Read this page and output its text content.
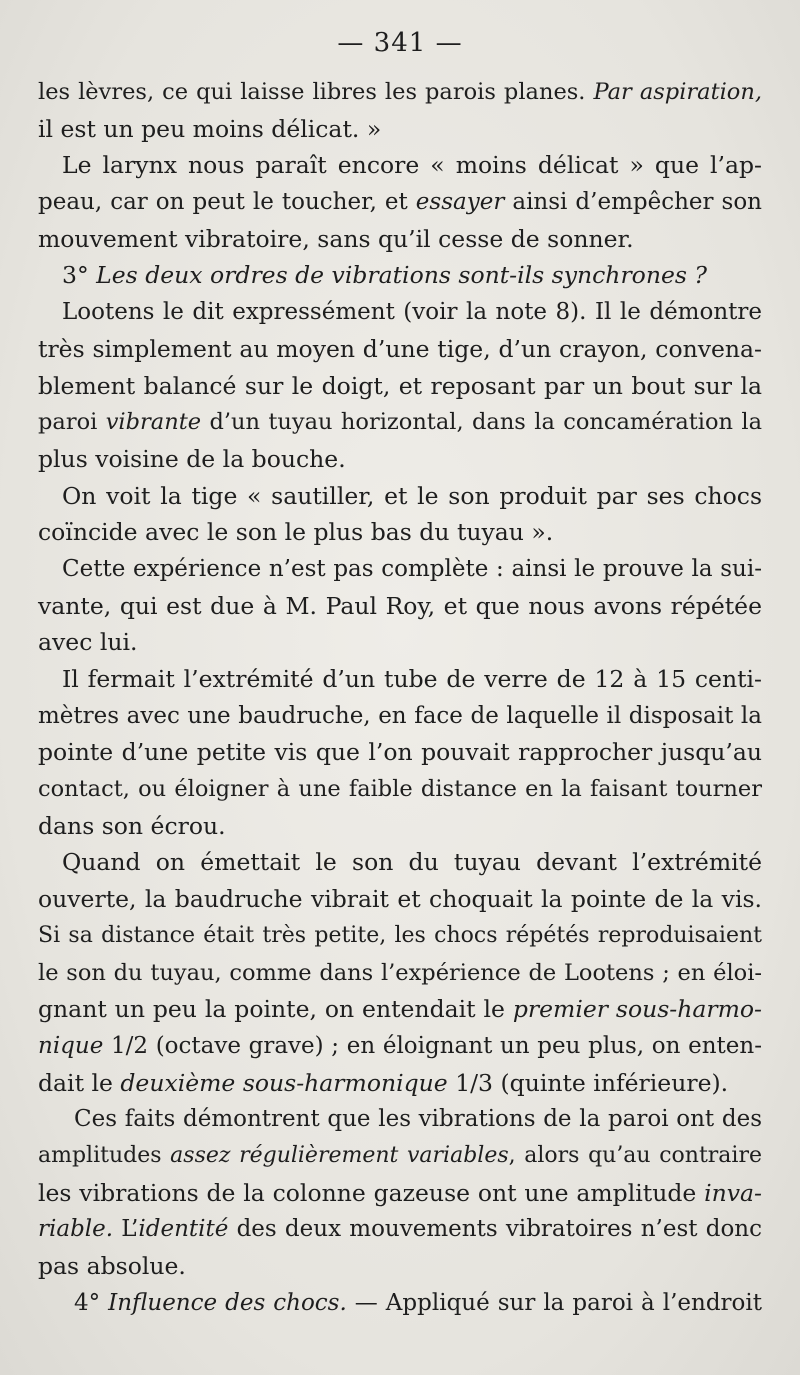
— 341 —
les lèvres, ce qui laisse libres les parois planes. Par aspiration,
il est un peu moins délicat. »
Le larynx nous paraît encore « moins délicat » que l’ap-
peau, car on peut le toucher, et essayer ainsi d’empêcher son
mouvement vibratoire, sans qu’il cesse de sonner.
3° Les deux ordres de vibrations sont-ils synchrones ?
Lootens le dit expressément (voir la note 8). Il le démontre
très simplement au moyen d’une tige, d’un crayon, convena-
blement balancé sur le doigt, et reposant par un bout sur la
paroi vibrante d’un tuyau horizontal, dans la concamération la
plus voisine de la bouche.
On voit la tige « sautiller, et le son produit par ses chocs
coïncide avec le son le plus bas du tuyau ».
Cette expérience n’est pas complète : ainsi le prouve la sui-
vante, qui est due à M. Paul Roy, et que nous avons répétée
avec lui.
Il fermait l’extrémité d’un tube de verre de 12 à 15 centi-
mètres avec une baudruche, en face de laquelle il disposait la
pointe d’une petite vis que l’on pouvait rapprocher jusqu’au
contact, ou éloigner à une faible distance en la faisant tourner
dans son écrou.
Quand on émettait le son du tuyau devant l’extrémité
ouverte, la baudruche vibrait et choquait la pointe de la vis.
Si sa distance était très petite, les chocs répétés reproduisaient
le son du tuyau, comme dans l’expérience de Lootens ; en éloi-
gnant un peu la pointe, on entendait le premier sous-harmo-
nique 1/2 (octave grave) ; en éloignant un peu plus, on enten-
dait le deuxième sous-harmonique 1/3 (quinte inférieure).
Ces faits démontrent que les vibrations de la paroi ont des
amplitudes assez régulièrement variables, alors qu’au contraire
les vibrations de la colonne gazeuse ont une amplitude inva-
riable. L’identité des deux mouvements vibratoires n’est donc
pas absolue.
4° Influence des chocs. — Appliqué sur la paroi à l’endroit
